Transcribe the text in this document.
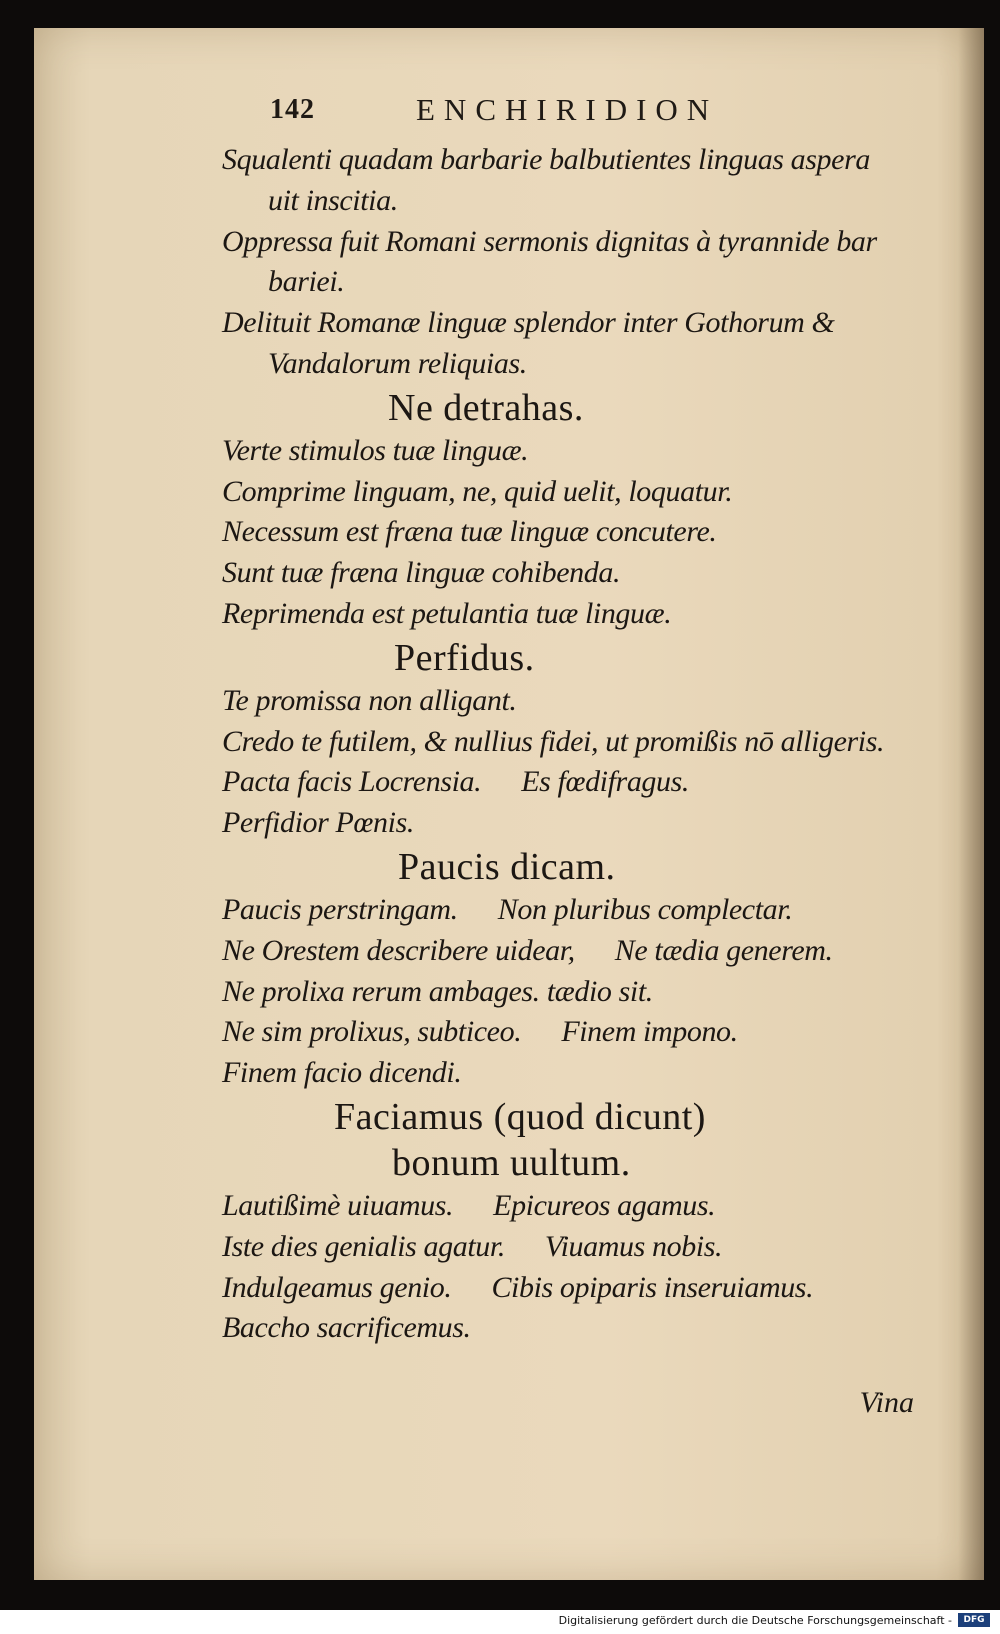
142	ENCHIRIDION
Squalenti quadam barbarie balbutientes linguas aspera
uit inscitia.
Oppressa fuit Romani sermonis dignitas à tyrannide bar
bariei.
Delituit Romanæ linguæ splendor inter Gothorum &
Vandalorum reliquias.
Ne detrahas.
Verte stimulos tuæ linguæ.
Comprime linguam, ne, quid uelit, loquatur.
Necessum est fræna tuæ linguæ concutere.
Sunt tuæ fræna linguæ cohibenda.
Reprimenda est petulantia tuæ linguæ.
Perfidus.
Te promissa non alligant.
Credo te futilem, & nullius fidei, ut promißis nō alligeris.
Pacta facis Locrensia. Es fœdifragus.
Perfidior Pœnis.
Paucis dicam.
Paucis perstringam. Non pluribus complectar.
Ne Orestem describere uidear, Ne tædia generem.
Ne prolixa rerum ambages. tædio sit.
Ne sim prolixus, subticeo. Finem impono.
Finem facio dicendi.
Faciamus (quod dicunt)
bonum uultum.
Lautißimè uiuamus. Epicureos agamus.
Iste dies genialis agatur. Viuamus nobis.
Indulgeamus genio. Cibis opiparis inseruiamus.
Baccho sacrificemus.
Vina
Digitalisierung gefördert durch die Deutsche Forschungsgemeinschaft -	DFG
